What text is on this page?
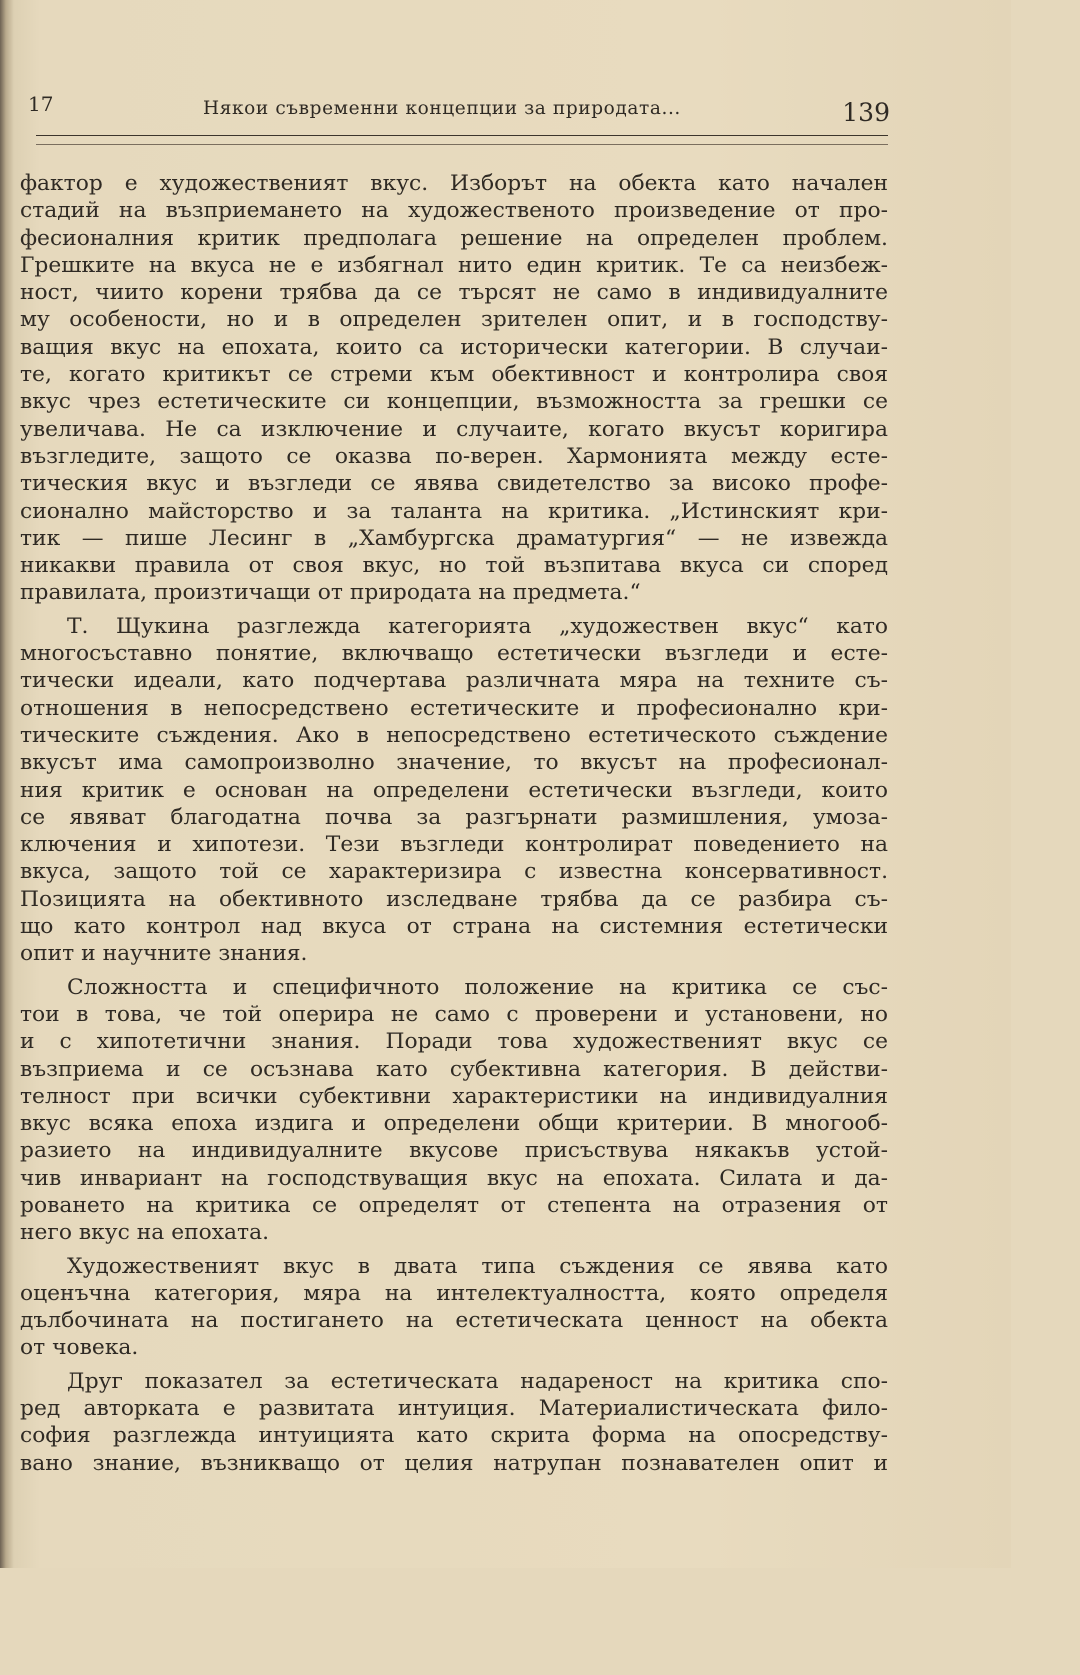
17	Някои съвременни концепции за природата...	139

фактор е художественият вкус. Изборът на обекта като начален
стадий на възприемането на художественото произведение от про-
фесионалния критик предполага решение на определен проблем.
Грешките на вкуса не е избягнал нито един критик. Те са неизбеж-
ност, чиито корени трябва да се търсят не само в индивидуалните
му особености, но и в определен зрителен опит, и в господству-
ващия вкус на епохата, които са исторически категории. В случаи-
те, когато критикът се стреми към обективност и контролира своя
вкус чрез естетическите си концепции, възможността за грешки се
увеличава. Не са изключение и случаите, когато вкусът коригира
възгледите, защото се оказва по-верен. Хармонията между есте-
тическия вкус и възгледи се явява свидетелство за високо профе-
сионално майсторство и за таланта на критика. „Истинският кри-
тик — пише Лесинг в „Хамбургска драматургия“ — не извежда
никакви правила от своя вкус, но той възпитава вкуса си според
правилата, произтичащи от природата на предмета.“

Т. Щукина разглежда категорията „художествен вкус“ като
многосъставно понятие, включващо естетически възгледи и есте-
тически идеали, като подчертава различната мяра на техните съ-
отношения в непосредствено естетическите и професионално кри-
тическите съждения. Ако в непосредствено естетическото съждение
вкусът има самопроизволно значение, то вкусът на професионал-
ния критик е основан на определени естетически възгледи, които
се явяват благодатна почва за разгърнати размишления, умоза-
ключения и хипотези. Тези възгледи контролират поведението на
вкуса, защото той се характеризира с известна консервативност.
Позицията на обективното изследване трябва да се разбира съ-
що като контрол над вкуса от страна на системния естетически
опит и научните знания.

Сложността и специфичното положение на критика се със-
тои в това, че той оперира не само с проверени и установени, но
и с хипотетични знания. Поради това художественият вкус се
възприема и се осъзнава като субективна категория. В действи-
телност при всички субективни характеристики на индивидуалния
вкус всяка епоха издига и определени общи критерии. В многооб-
разието на индивидуалните вкусове присъствува някакъв устой-
чив инвариант на господствуващия вкус на епохата. Силата и да-
роването на критика се определят от степента на отразения от
него вкус на епохата.

Художественият вкус в двата типа съждения се явява като
оценъчна категория, мяра на интелектуалността, която определя
дълбочината на постигането на естетическата ценност на обекта
от човека.

Друг показател за естетическата надареност на критика спо-
ред авторката е развитата интуиция. Материалистическата фило-
софия разглежда интуицията като скрита форма на опосредству-
вано знание, възникващо от целия натрупан познавателен опит и
